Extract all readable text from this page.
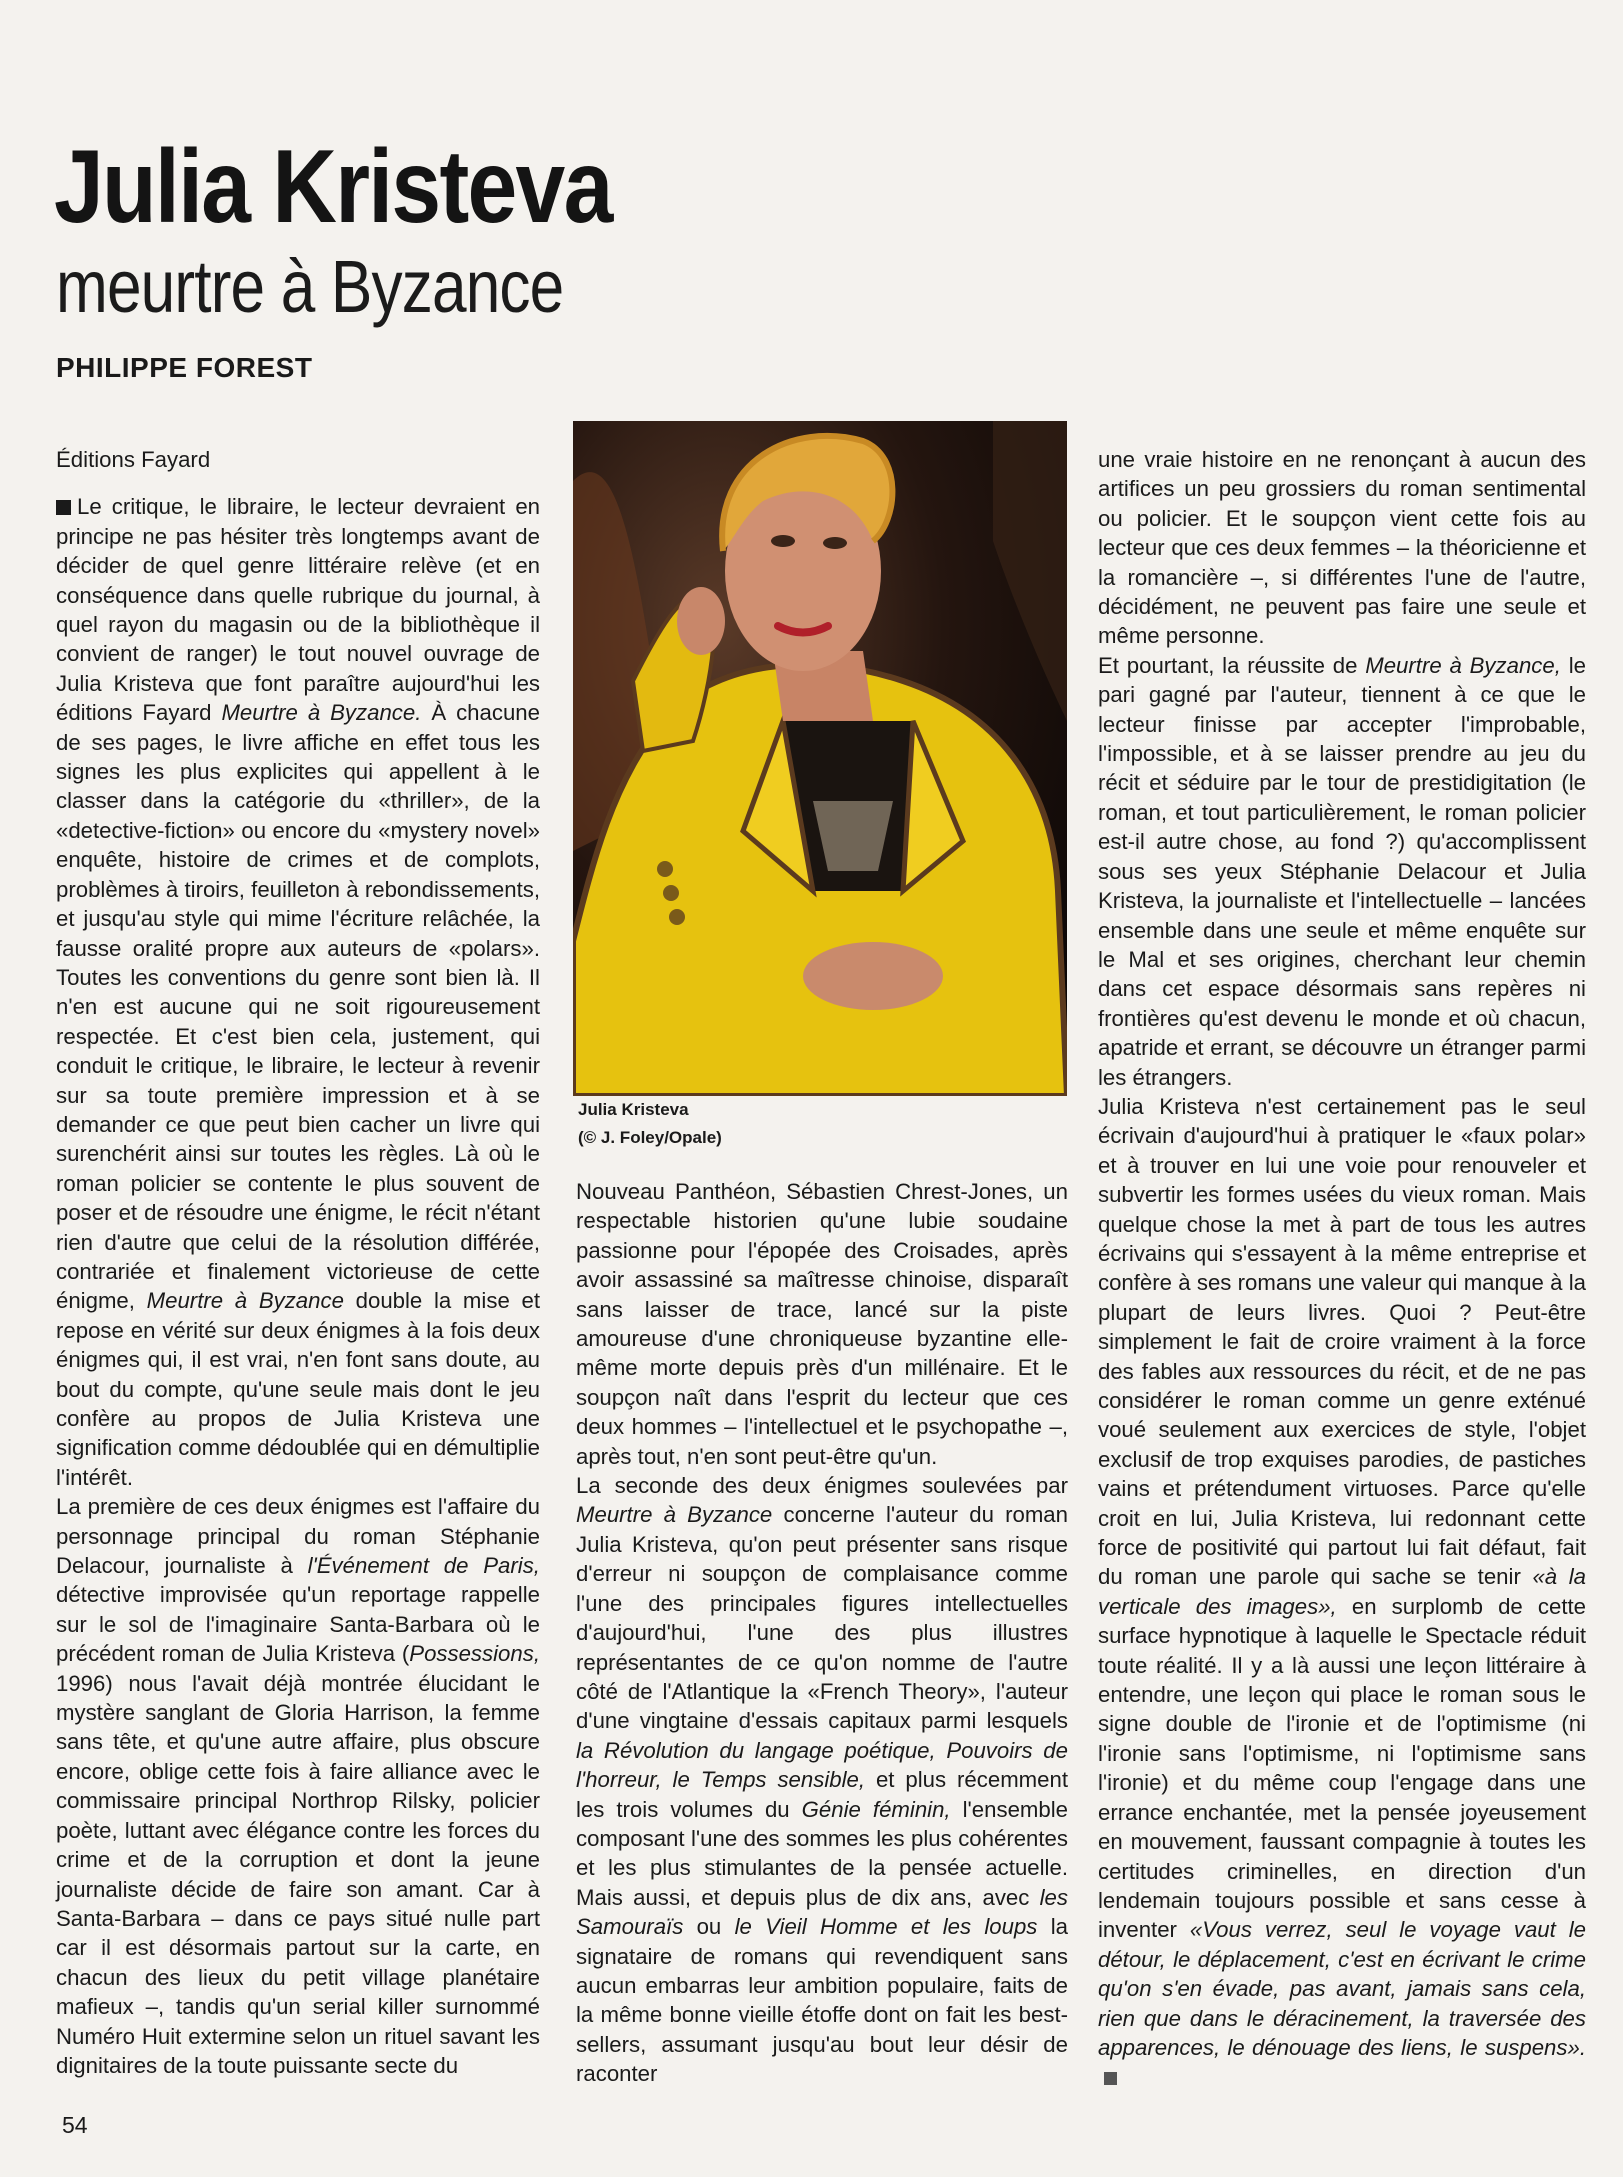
Julia Kristeva
meurtre à Byzance
PHILIPPE FOREST

Éditions Fayard

Le critique, le libraire, le lecteur devraient en principe ne pas hésiter très longtemps avant de décider de quel genre littéraire relève (et en conséquence dans quelle rubrique du journal, à quel rayon du magasin ou de la bibliothèque il convient de ranger) le tout nouvel ouvrage de Julia Kristeva que font paraître aujourd'hui les éditions Fayard Meurtre à Byzance. À chacune de ses pages, le livre affiche en effet tous les signes les plus explicites qui appellent à le classer dans la catégorie du «thriller», de la «detective-fiction» ou encore du «mystery novel» enquête, histoire de crimes et de complots, problèmes à tiroirs, feuilleton à rebondissements, et jusqu'au style qui mime l'écriture relâchée, la fausse oralité propre aux auteurs de «polars». Toutes les conventions du genre sont bien là. Il n'en est aucune qui ne soit rigoureusement respectée. Et c'est bien cela, justement, qui conduit le critique, le libraire, le lecteur à revenir sur sa toute première impression et à se demander ce que peut bien cacher un livre qui surenchérit ainsi sur toutes les règles. Là où le roman policier se contente le plus souvent de poser et de résoudre une énigme, le récit n'étant rien d'autre que celui de la résolution différée, contrariée et finalement victorieuse de cette énigme, Meurtre à Byzance double la mise et repose en vérité sur deux énigmes à la fois deux énigmes qui, il est vrai, n'en font sans doute, au bout du compte, qu'une seule mais dont le jeu confère au propos de Julia Kristeva une signification comme dédoublée qui en démultiplie l'intérêt.

La première de ces deux énigmes est l'affaire du personnage principal du roman Stéphanie Delacour, journaliste à l'Événement de Paris, détective improvisée qu'un reportage rappelle sur le sol de l'imaginaire Santa-Barbara où le précédent roman de Julia Kristeva (Possessions, 1996) nous l'avait déjà montrée élucidant le mystère sanglant de Gloria Harrison, la femme sans tête, et qu'une autre affaire, plus obscure encore, oblige cette fois à faire alliance avec le commissaire principal Northrop Rilsky, policier poète, luttant avec élégance contre les forces du crime et de la corruption et dont la jeune journaliste décide de faire son amant. Car à Santa-Barbara – dans ce pays situé nulle part car il est désormais partout sur la carte, en chacun des lieux du petit village planétaire mafieux –, tandis qu'un serial killer surnommé Numéro Huit extermine selon un rituel savant les dignitaires de la toute puissante secte du

Julia Kristeva
(© J. Foley/Opale)

Nouveau Panthéon, Sébastien Chrest-Jones, un respectable historien qu'une lubie soudaine passionne pour l'épopée des Croisades, après avoir assassiné sa maîtresse chinoise, disparaît sans laisser de trace, lancé sur la piste amoureuse d'une chroniqueuse byzantine elle-même morte depuis près d'un millénaire. Et le soupçon naît dans l'esprit du lecteur que ces deux hommes – l'intellectuel et le psychopathe –, après tout, n'en sont peut-être qu'un.

La seconde des deux énigmes soulevées par Meurtre à Byzance concerne l'auteur du roman Julia Kristeva, qu'on peut présenter sans risque d'erreur ni soupçon de complaisance comme l'une des principales figures intellectuelles d'aujourd'hui, l'une des plus illustres représentantes de ce qu'on nomme de l'autre côté de l'Atlantique la «French Theory», l'auteur d'une vingtaine d'essais capitaux parmi lesquels la Révolution du langage poétique, Pouvoirs de l'horreur, le Temps sensible, et plus récemment les trois volumes du Génie féminin, l'ensemble composant l'une des sommes les plus cohérentes et les plus stimulantes de la pensée actuelle. Mais aussi, et depuis plus de dix ans, avec les Samouraïs ou le Vieil Homme et les loups la signataire de romans qui revendiquent sans aucun embarras leur ambition populaire, faits de la même bonne vieille étoffe dont on fait les best-sellers, assumant jusqu'au bout leur désir de raconter

une vraie histoire en ne renonçant à aucun des artifices un peu grossiers du roman sentimental ou policier. Et le soupçon vient cette fois au lecteur que ces deux femmes – la théoricienne et la romancière –, si différentes l'une de l'autre, décidément, ne peuvent pas faire une seule et même personne.

Et pourtant, la réussite de Meurtre à Byzance, le pari gagné par l'auteur, tiennent à ce que le lecteur finisse par accepter l'improbable, l'impossible, et à se laisser prendre au jeu du récit et séduire par le tour de prestidigitation (le roman, et tout particulièrement, le roman policier est-il autre chose, au fond ?) qu'accomplissent sous ses yeux Stéphanie Delacour et Julia Kristeva, la journaliste et l'intellectuelle – lancées ensemble dans une seule et même enquête sur le Mal et ses origines, cherchant leur chemin dans cet espace désormais sans repères ni frontières qu'est devenu le monde et où chacun, apatride et errant, se découvre un étranger parmi les étrangers.

Julia Kristeva n'est certainement pas le seul écrivain d'aujourd'hui à pratiquer le «faux polar» et à trouver en lui une voie pour renouveler et subvertir les formes usées du vieux roman. Mais quelque chose la met à part de tous les autres écrivains qui s'essayent à la même entreprise et confère à ses romans une valeur qui manque à la plupart de leurs livres. Quoi ? Peut-être simplement le fait de croire vraiment à la force des fables aux ressources du récit, et de ne pas considérer le roman comme un genre exténué voué seulement aux exercices de style, l'objet exclusif de trop exquises parodies, de pastiches vains et prétendument virtuoses. Parce qu'elle croit en lui, Julia Kristeva, lui redonnant cette force de positivité qui partout lui fait défaut, fait du roman une parole qui sache se tenir «à la verticale des images», en surplomb de cette surface hypnotique à laquelle le Spectacle réduit toute réalité. Il y a là aussi une leçon littéraire à entendre, une leçon qui place le roman sous le signe double de l'ironie et de l'optimisme (ni l'ironie sans l'optimisme, ni l'optimisme sans l'ironie) et du même coup l'engage dans une errance enchantée, met la pensée joyeusement en mouvement, faussant compagnie à toutes les certitudes criminelles, en direction d'un lendemain toujours possible et sans cesse à inventer «Vous verrez, seul le voyage vaut le détour, le déplacement, c'est en écrivant le crime qu'on s'en évade, pas avant, jamais sans cela, rien que dans le déracinement, la traversée des apparences, le dénouage des liens, le suspens».

54
